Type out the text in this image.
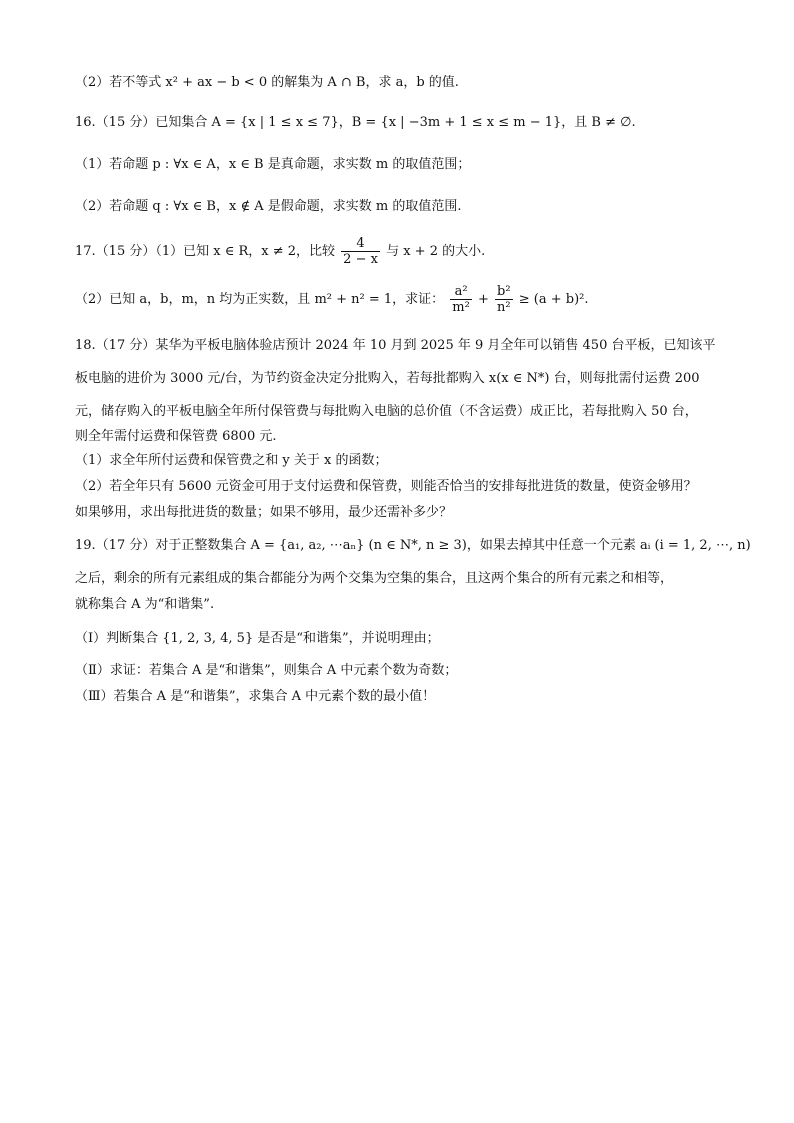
（2）若不等式 x² + ax − b < 0 的解集为 A ∩ B，求 a，b 的值.
16.（15 分）已知集合 A = {x | 1 ≤ x ≤ 7}，B = {x | −3m + 1 ≤ x ≤ m − 1}，且 B ≠ ∅.
（1）若命题 p : ∀x ∈ A，x ∈ B 是真命题，求实数 m 的取值范围；
（2）若命题 q : ∀x ∈ B，x ∉ A 是假命题，求实数 m 的取值范围.
17.（15 分）（1）已知 x ∈ R，x ≠ 2，比较 $\frac{4}{2 - x}$ 与 x + 2 的大小.
（2）已知 a，b，m，n 均为正实数，且 m² + n² = 1，求证： $\frac{\text{a²}}{\text{m²}} + \frac{\text{b²}}{\text{n²}} \ge (a + b)^2$.
18.（17 分）某华为平板电脑体验店预计 2024 年 10 月到 2025 年 9 月全年可以销售 450 台平板，已知该平
板电脑的进价为 3000 元/台，为节约资金决定分批购入，若每批都购入 x(x ∈ N*) 台，则每批需付运费 200
元，储存购入的平板电脑全年所付保管费与每批购入电脑的总价值（不含运费）成正比，若每批购入 50 台，
则全年需付运费和保管费 6800 元.
（1）求全年所付运费和保管费之和 y 关于 x 的函数；
（2）若全年只有 5600 元资金可用于支付运费和保管费，则能否恰当的安排每批进货的数量，使资金够用？
如果够用，求出每批进货的数量；如果不够用，最少还需补多少？
19.（17 分）对于正整数集合 A = {a₁, a₂, ⋯aₙ} (n ∈ N*, n ≥ 3)，如果去掉其中任意一个元素 aᵢ (i = 1, 2, ⋯, n)
之后，剩余的所有元素组成的集合都能分为两个交集为空集的集合，且这两个集合的所有元素之和相等，
就称集合 A 为“和谐集”.
（Ⅰ）判断集合 {1, 2, 3, 4, 5} 是否是“和谐集”，并说明理由；
（Ⅱ）求证：若集合 A 是“和谐集”，则集合 A 中元素个数为奇数；
（Ⅲ）若集合 A 是“和谐集”，求集合 A 中元素个数的最小值！
